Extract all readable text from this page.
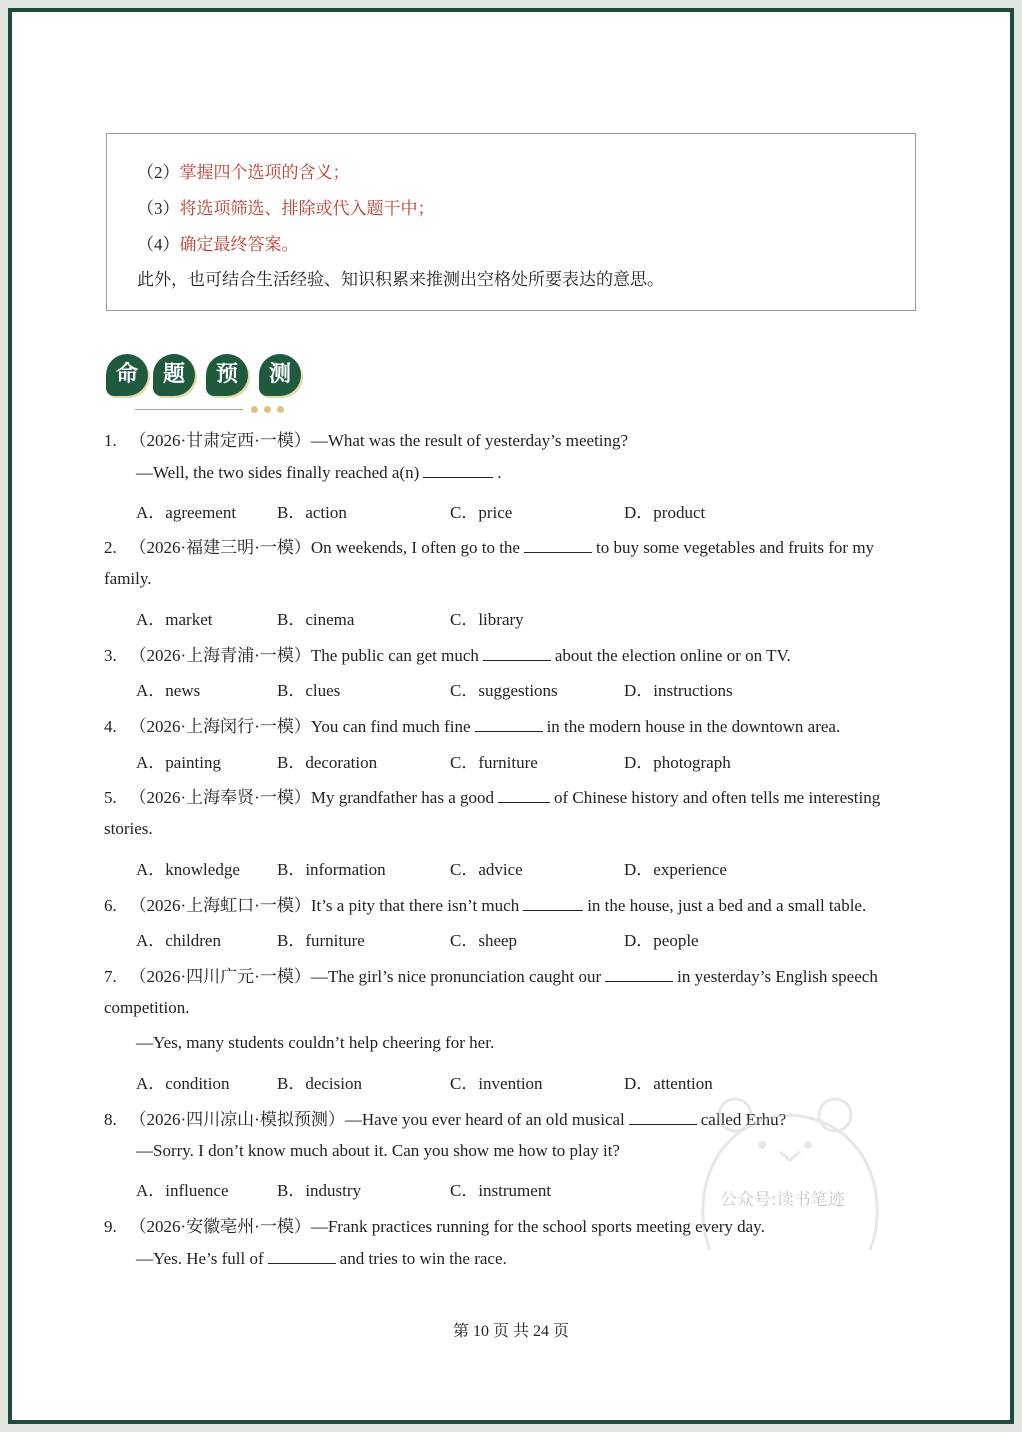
（2）掌握四个选项的含义；
（3）将选项筛选、排除或代入题干中；
（4）确定最终答案。
此外，也可结合生活经验、知识积累来推测出空格处所要表达的意思。
命	题	预	测
1. （2026·甘肃定西·一模）—What was the result of yesterday’s meeting?
—Well, the two sides finally reached a(n)	.
A．agreement B．action	C．price	D．product
2. （2026·福建三明·一模）On weekends, I often go to the	to buy some vegetables and fruits for my
family.
A．market	B．cinema	C．library
3. （2026·上海青浦·一模）The public can get much	about the election online or on TV.
A．news	B．clues	C．suggestions	D．instructions
4. （2026·上海闵行·一模）You can find much fine	in the modern house in the downtown area.
A．painting	B．decoration	C．furniture	D．photograph
5. （2026·上海奉贤·一模）My grandfather has a good	of Chinese history and often tells me interesting
stories.
A．knowledge B．information	C．advice	D．experience
6. （2026·上海虹口·一模）It’s a pity that there isn’t much	in the house, just a bed and a small table.
A．children	B．furniture	C．sheep	D．people
7. （2026·四川广元·一模）—The girl’s nice pronunciation caught our	in yesterday’s English speech
competition.
—Yes, many students couldn’t help cheering for her.
A．condition	B．decision	C．invention	D．attention
8. （2026·四川凉山·模拟预测）—Have you ever heard of an old musical	called Erhu?
—Sorry. I don’t know much about it. Can you show me how to play it?
A．influence	B．industry	C．instrument
9. （2026·安徽亳州·一模）—Frank practices running for the school sports meeting every day.
—Yes. He’s full of	and tries to win the race.
公众号:读书笔迹
第 10 页 共 24 页
